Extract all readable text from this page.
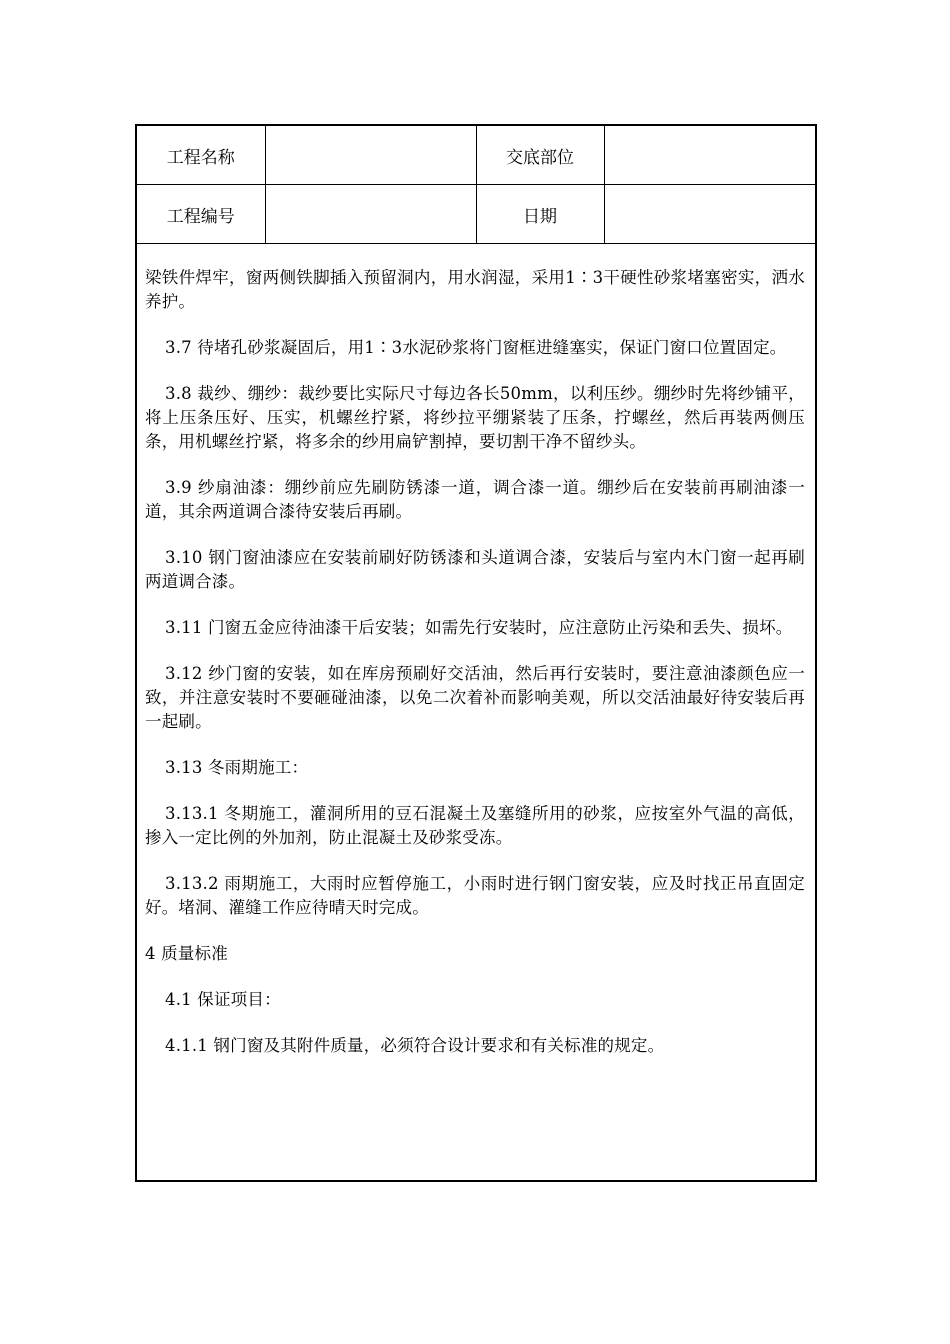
工程名称		交底部位	
工程编号		日期	

梁铁件焊牢，窗两侧铁脚插入预留洞内，用水润湿，采用1∶3干硬性砂浆堵塞密实，洒水养护。

3.7 待堵孔砂浆凝固后，用1∶3水泥砂浆将门窗框进缝塞实，保证门窗口位置固定。

3.8 裁纱、绷纱：裁纱要比实际尺寸每边各长50mm，以利压纱。绷纱时先将纱铺平，将上压条压好、压实，机螺丝拧紧，将纱拉平绷紧装了压条，拧螺丝，然后再装两侧压条，用机螺丝拧紧，将多余的纱用扁铲割掉，要切割干净不留纱头。

3.9 纱扇油漆：绷纱前应先刷防锈漆一道，调合漆一道。绷纱后在安装前再刷油漆一道，其余两道调合漆待安装后再刷。

3.10 钢门窗油漆应在安装前刷好防锈漆和头道调合漆，安装后与室内木门窗一起再刷两道调合漆。

3.11 门窗五金应待油漆干后安装；如需先行安装时，应注意防止污染和丢失、损坏。

3.12 纱门窗的安装，如在库房预刷好交活油，然后再行安装时，要注意油漆颜色应一致，并注意安装时不要砸碰油漆，以免二次着补而影响美观，所以交活油最好待安装后再一起刷。

3.13 冬雨期施工：

3.13.1 冬期施工，灌洞所用的豆石混凝土及塞缝所用的砂浆，应按室外气温的高低，掺入一定比例的外加剂，防止混凝土及砂浆受冻。

3.13.2 雨期施工，大雨时应暂停施工，小雨时进行钢门窗安装，应及时找正吊直固定好。堵洞、灌缝工作应待晴天时完成。

4 质量标准

4.1 保证项目：

4.1.1 钢门窗及其附件质量，必须符合设计要求和有关标准的规定。
